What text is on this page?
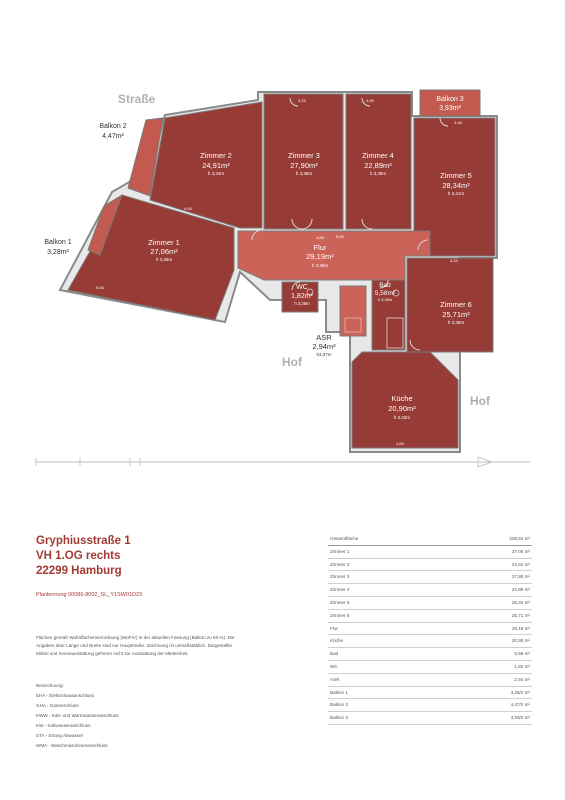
4,90
3,33
4,46
4,95
4,86	5,06
6,46
4,34
4,84
Zimmer 1
27,06m²
h 3,36m
Zimmer 2
24,91m²
h 3,34m
Zimmer 3
27,90m²
h 3,39m
Zimmer 4
22,89m²
h 3,39m	Zimmer 5
28,34m²
h 3,41m
Zimmer 6
25,71m²
h 3,38m
Flur
29,19m²
h 3,39m
Küche
20,90m²
h 3,33m
WC
1,82m²
h 3,38m
Bad
5,58m²
h 3,35m
ASR
2,94m²
h3,37m
Balkon 1
3,28m²
Balkon 2
4,47m²
Balkon 3
3,93m²
Straße
Hof
Hof
Gryphiusstraße 1
VH 1.OG rechts
22299 Hamburg
Planlennung 00086-8002_SL_Y1SW01D23
Flächen gemäß Wohnflächenverordnung (WoFIV) in der aktuellen Fassung (Balkon zu 50 %). Die Angaben über Länge und Breite sind nur Hauptmaße. Zeichnung ist unmaßstäblich. Dargestellte Möbel und Innenausstattung gehören nicht zur Ausstattung der Mieteinheit.
Bezeichnung:
EHA - Elektrohausanschluss
GHA - Gasanschluss
KWW - Kalt- und Warmwasseranschluss
KW - Kaltwasseranschluss
STA - Strang Abwasser
WMA - Waschmaschinenanschluss
Gesamtfläche	228,64 m²
Zimmer 1	27,06 m²
Zimmer 2	24,91 m²
Zimmer 3	27,90 m²
Zimmer 4	22,89 m²
Zimmer 5	28,34 m²
Zimmer 6	25,71 m²
Flur	29,19 m²
Küche	20,90 m²
Bad	5,58 m²
WC	1,82 m²
ASR	2,94 m²
Balkon 1	3,28/2 m²
Balkon 2	4,47/2 m²
Balkon 3	3,93/2 m²
